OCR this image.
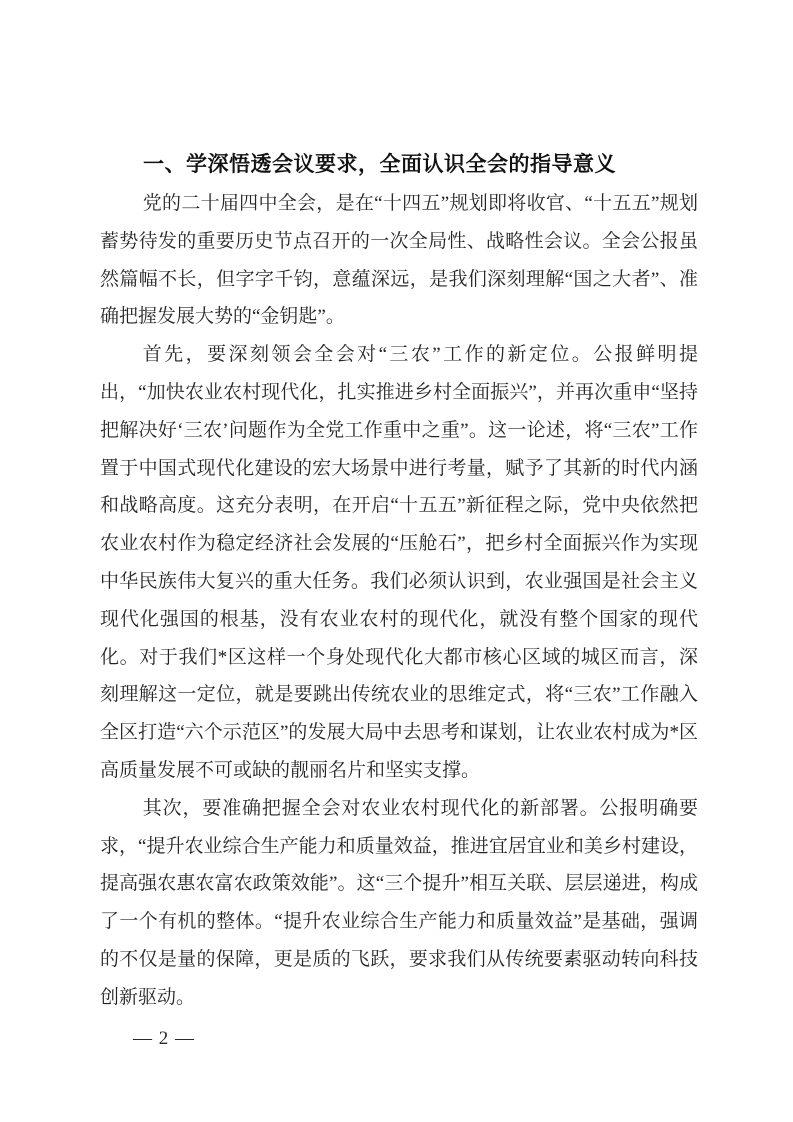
一、学深悟透会议要求，全面认识全会的指导意义

党的二十届四中全会，是在“十四五”规划即将收官、“十五五”规划蓄势待发的重要历史节点召开的一次全局性、战略性会议。全会公报虽然篇幅不长，但字字千钧，意蕴深远，是我们深刻理解“国之大者”、准确把握发展大势的“金钥匙”。

首先，要深刻领会全会对“三农”工作的新定位。公报鲜明提出，“加快农业农村现代化，扎实推进乡村全面振兴”，并再次重申“坚持把解决好‘三农’问题作为全党工作重中之重”。这一论述，将“三农”工作置于中国式现代化建设的宏大场景中进行考量，赋予了其新的时代内涵和战略高度。这充分表明，在开启“十五五”新征程之际，党中央依然把农业农村作为稳定经济社会发展的“压舱石”，把乡村全面振兴作为实现中华民族伟大复兴的重大任务。我们必须认识到，农业强国是社会主义现代化强国的根基，没有农业农村的现代化，就没有整个国家的现代化。对于我们*区这样一个身处现代化大都市核心区域的城区而言，深刻理解这一定位，就是要跳出传统农业的思维定式，将“三农”工作融入全区打造“六个示范区”的发展大局中去思考和谋划，让农业农村成为*区高质量发展不可或缺的靓丽名片和坚实支撑。

其次，要准确把握全会对农业农村现代化的新部署。公报明确要求，“提升农业综合生产能力和质量效益，推进宜居宜业和美乡村建设，提高强农惠农富农政策效能”。这“三个提升”相互关联、层层递进，构成了一个有机的整体。“提升农业综合生产能力和质量效益”是基础，强调的不仅是量的保障，更是质的飞跃，要求我们从传统要素驱动转向科技创新驱动。

— 2 —
